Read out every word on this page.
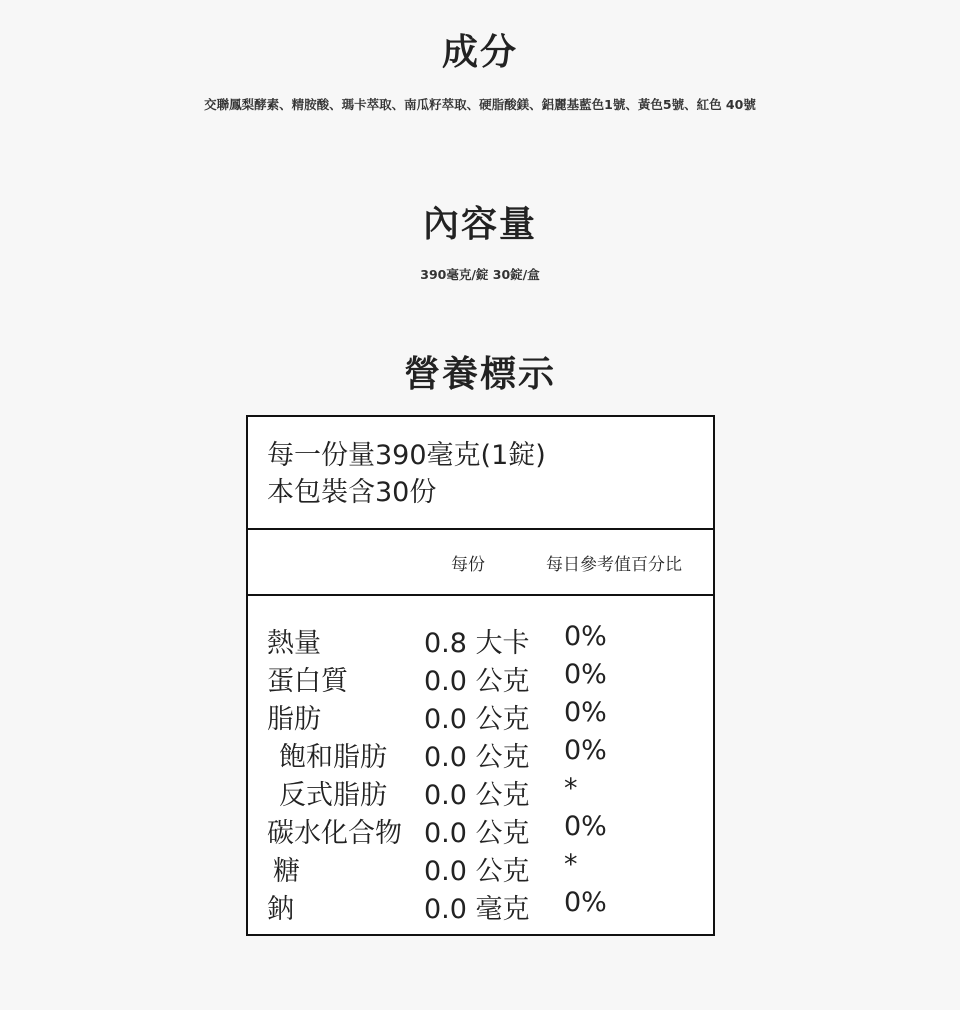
成分

交聯鳳梨酵素、精胺酸、瑪卡萃取、南瓜籽萃取、硬脂酸鎂、鋁麗基藍色1號、黃色5號、紅色 40號

內容量

390毫克/錠 30錠/盒

營養標示
每一份量390毫克(1錠)
本包裝含30份
每份	每日參考值百分比
熱量	0.8 大卡 0%
蛋白質	0.0 公克 0%
脂肪	0.0 公克 0%
飽和脂肪 0.0 公克 0%
反式脂肪 0.0 公克 *
碳水化合物 0.0 公克 0%
糖	0.0 公克 *
鈉	0.0 毫克 0%
